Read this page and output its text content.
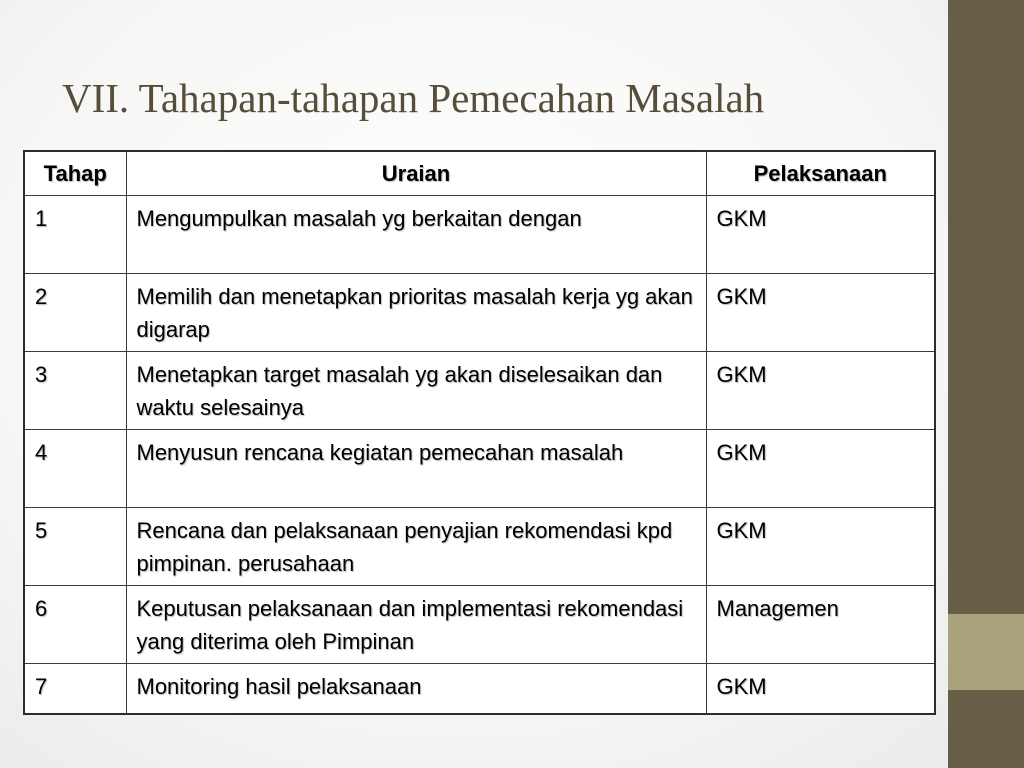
VII. Tahapan-tahapan Pemecahan Masalah
Tahap	Uraian	Pelaksanaan
1	Mengumpulkan masalah yg berkaitan dengan	GKM
2	Memilih dan menetapkan prioritas masalah kerja yg akan digarap	GKM
3	Menetapkan target masalah yg akan diselesaikan dan waktu selesainya	GKM
4	Menyusun rencana kegiatan pemecahan masalah	GKM
5	Rencana dan pelaksanaan penyajian rekomendasi kpd pimpinan. perusahaan	GKM
6	Keputusan pelaksanaan dan implementasi rekomendasi yang diterima oleh Pimpinan	Managemen
7	Monitoring hasil pelaksanaan	GKM
